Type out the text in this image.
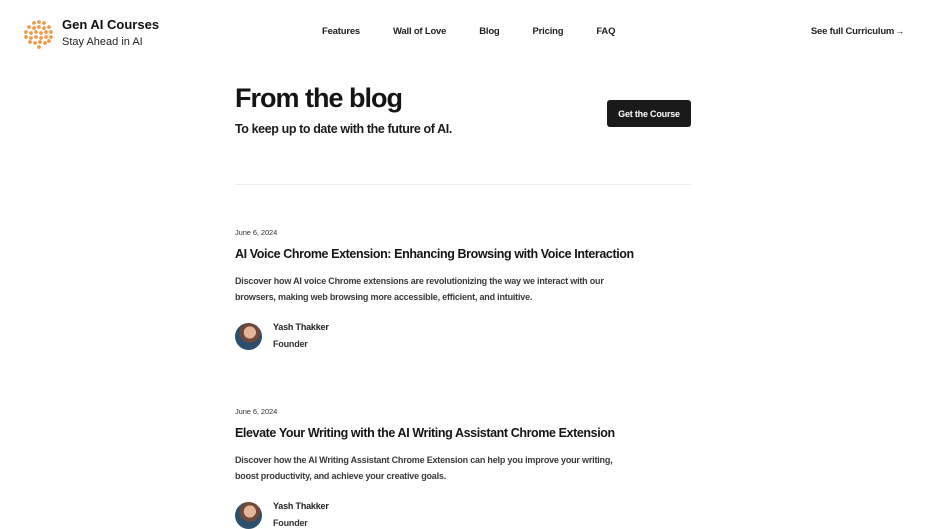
Gen AI Courses
Stay Ahead in AI
Features	Wall of Love	Blog	Pricing	FAQ	See full Curriculum→
From the blog

To keep up to date with the future of AI.

Get the Course
June 6, 2024
AI Voice Chrome Extension: Enhancing Browsing with Voice Interaction

Discover how AI voice Chrome extensions are revolutionizing the way we interact with our browsers, making web browsing more accessible, efficient, and intuitive.

Yash Thakker
Founder
June 6, 2024
Elevate Your Writing with the AI Writing Assistant Chrome Extension

Discover how the AI Writing Assistant Chrome Extension can help you improve your writing, boost productivity, and achieve your creative goals.

Yash Thakker
Founder
